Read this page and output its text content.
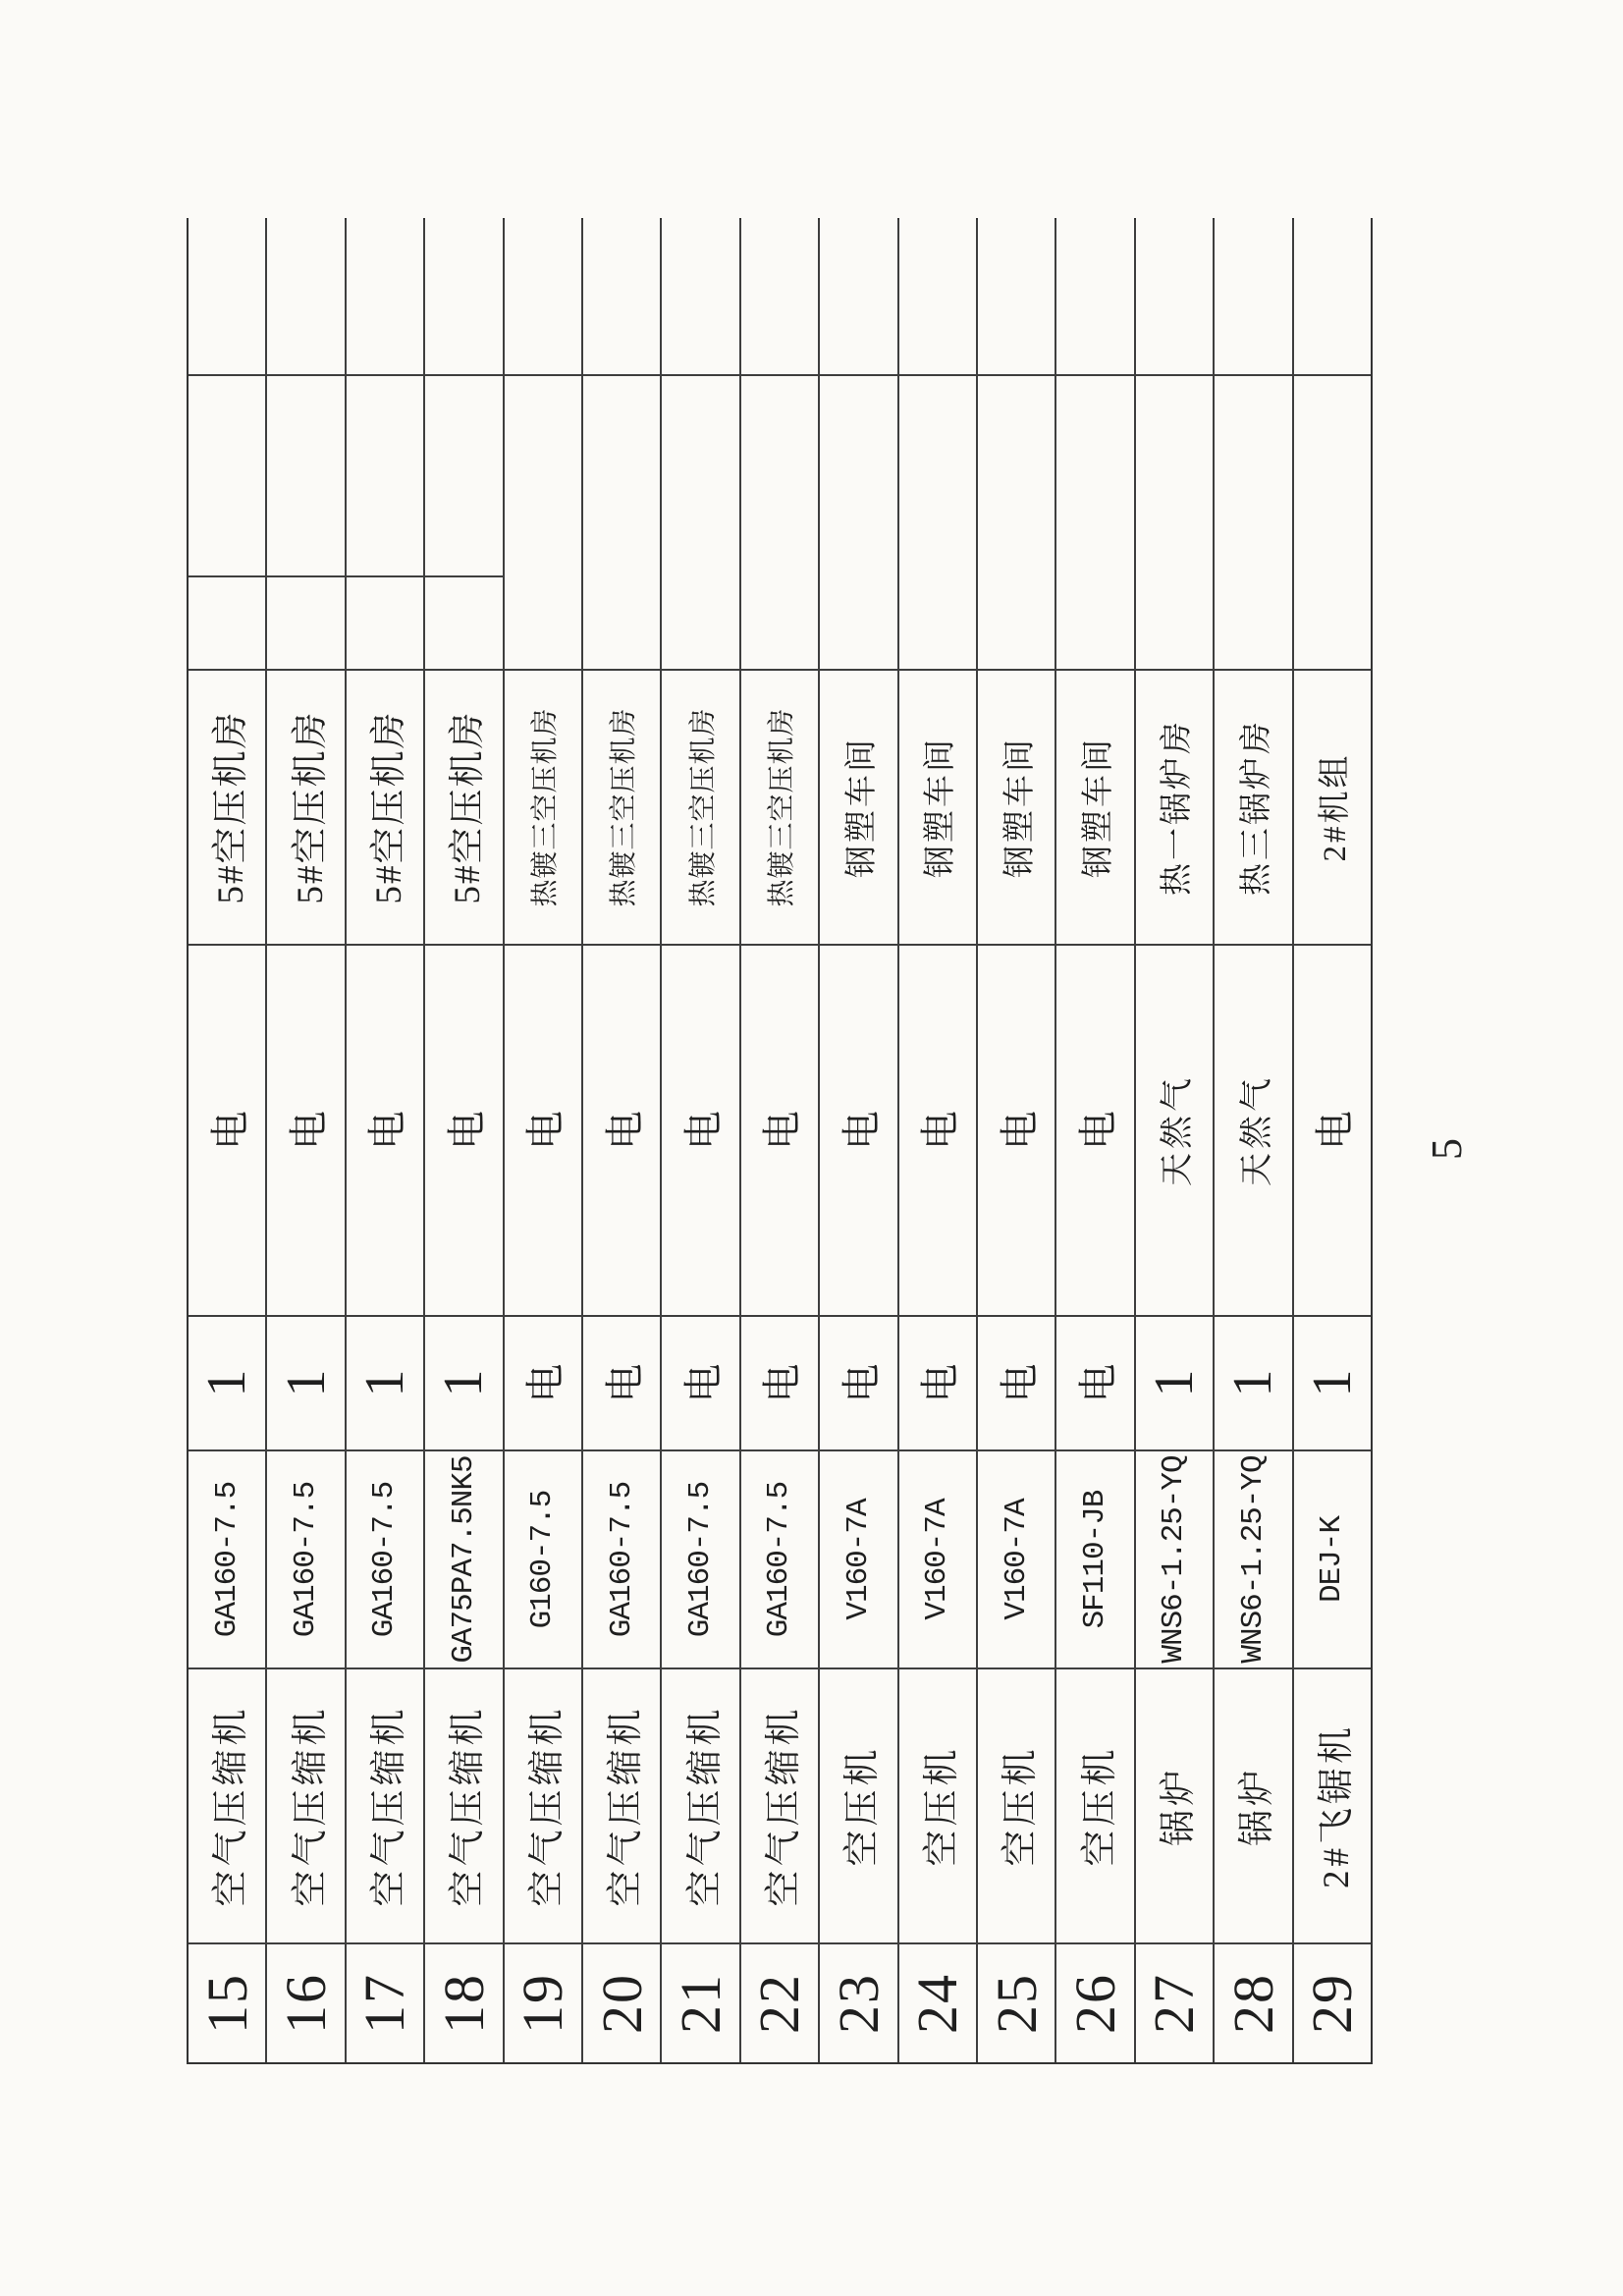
15
空气压缩机
GA160-7.5
1
电
5#空压机房
16
空气压缩机
GA160-7.5
1
电
5#空压机房
17
空气压缩机
GA160-7.5
1
电
5#空压机房
18
空气压缩机
GA75PA7.5NK5
1
电
5#空压机房
19
空气压缩机
G160-7.5
电
电
热镀三空压机房
20
空气压缩机
GA160-7.5
电
电
热镀三空压机房
21
空气压缩机
GA160-7.5
电
电
热镀三空压机房
22
空气压缩机
GA160-7.5
电
电
热镀三空压机房
23
空压机
V160-7A
电
电
钢塑车间
24
空压机
V160-7A
电
电
钢塑车间
25
空压机
V160-7A
电
电
钢塑车间
26
空压机
SF110-JB
电
电
钢塑车间
27
锅炉
WNS6-1.25-YQ
1
天然气
热一锅炉房
28
锅炉
WNS6-1.25-YQ
1
天然气
热三锅炉房
29
2#飞锯机
DEJ-K
1
电
2#机组
5
